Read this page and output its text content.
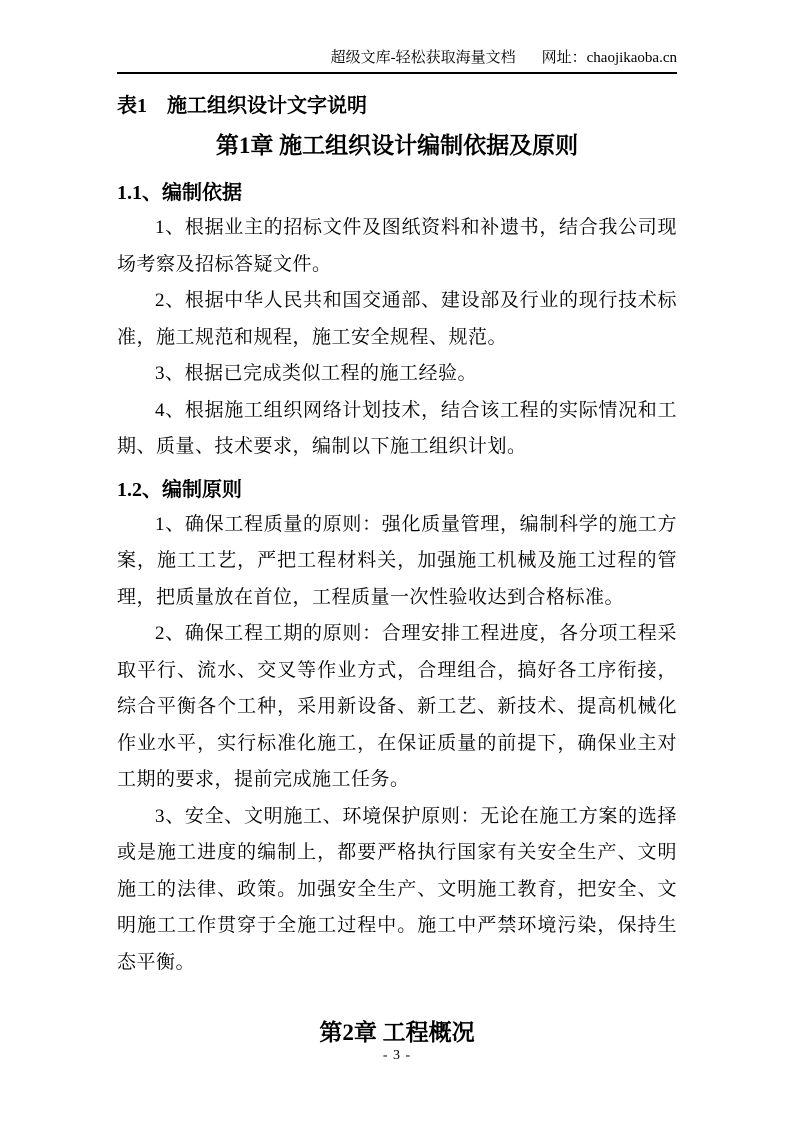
超级文库-轻松获取海量文档 网址：chaojikaoba.cn

表1　施工组织设计文字说明

第1章 施工组织设计编制依据及原则
1.1、编制依据

1、根据业主的招标文件及图纸资料和补遗书，结合我公司现场考察及招标答疑文件。

2、根据中华人民共和国交通部、建设部及行业的现行技术标准，施工规范和规程，施工安全规程、规范。

3、根据已完成类似工程的施工经验。

4、根据施工组织网络计划技术，结合该工程的实际情况和工期、质量、技术要求，编制以下施工组织计划。

1.2、编制原则

1、确保工程质量的原则：强化质量管理，编制科学的施工方案，施工工艺，严把工程材料关，加强施工机械及施工过程的管理，把质量放在首位，工程质量一次性验收达到合格标准。

2、确保工程工期的原则：合理安排工程进度，各分项工程采取平行、流水、交叉等作业方式，合理组合，搞好各工序衔接，综合平衡各个工种，采用新设备、新工艺、新技术、提高机械化作业水平，实行标准化施工，在保证质量的前提下，确保业主对工期的要求，提前完成施工任务。

3、安全、文明施工、环境保护原则：无论在施工方案的选择或是施工进度的编制上，都要严格执行国家有关安全生产、文明施工的法律、政策。加强安全生产、文明施工教育，把安全、文明施工工作贯穿于全施工过程中。施工中严禁环境污染，保持生态平衡。

第2章 工程概况
- 3 -
